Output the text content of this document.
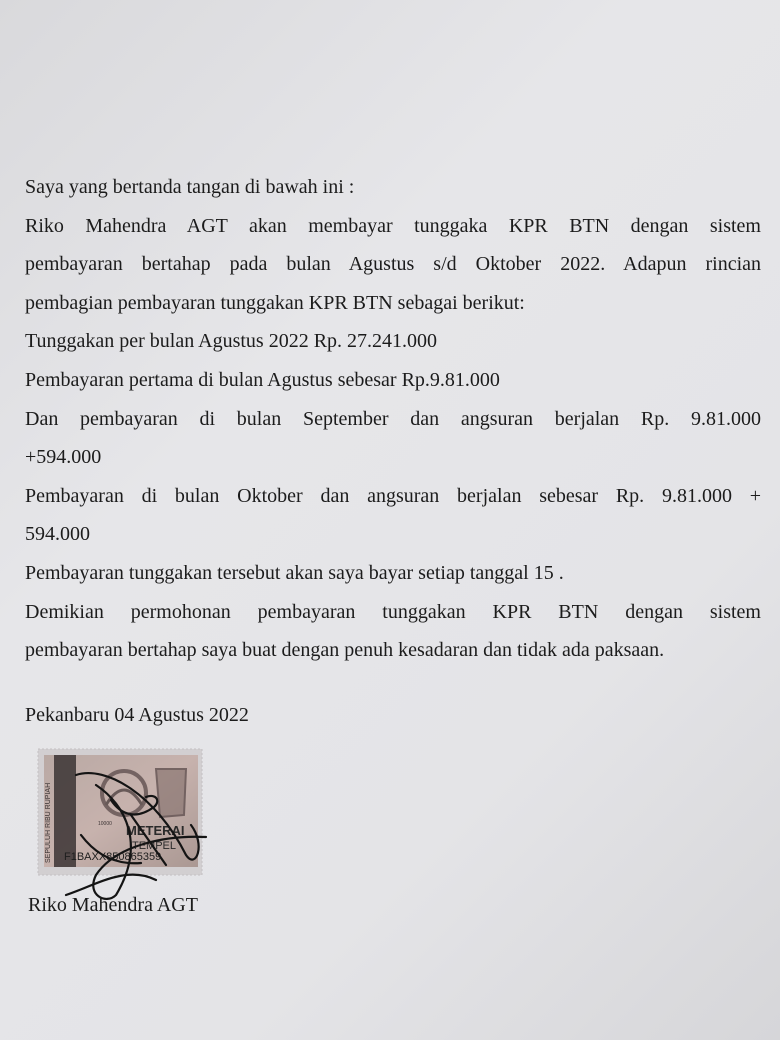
Saya yang bertanda tangan di bawah ini :

Riko Mahendra AGT akan membayar tunggaka KPR BTN dengan sistem

pembayaran bertahap pada bulan Agustus s/d Oktober 2022. Adapun rincian

pembagian pembayaran tunggakan KPR BTN sebagai berikut:

Tunggakan per bulan Agustus 2022 Rp. 27.241.000

Pembayaran pertama di bulan Agustus sebesar Rp.9.81.000

Dan pembayaran di bulan September dan angsuran berjalan Rp. 9.81.000

+594.000

Pembayaran di bulan Oktober dan angsuran berjalan sebesar Rp. 9.81.000 +

594.000

Pembayaran tunggakan tersebut akan saya bayar setiap tanggal 15 .

Demikian permohonan pembayaran tunggakan KPR BTN dengan sistem

pembayaran bertahap saya buat dengan penuh kesadaran dan tidak ada paksaan.

Pekanbaru 04 Agustus 2022
SEPULUH RIBU RUPIAH	10000 METERAI
TEMPEL
F1BAXX850865359
Riko Mahendra AGT
